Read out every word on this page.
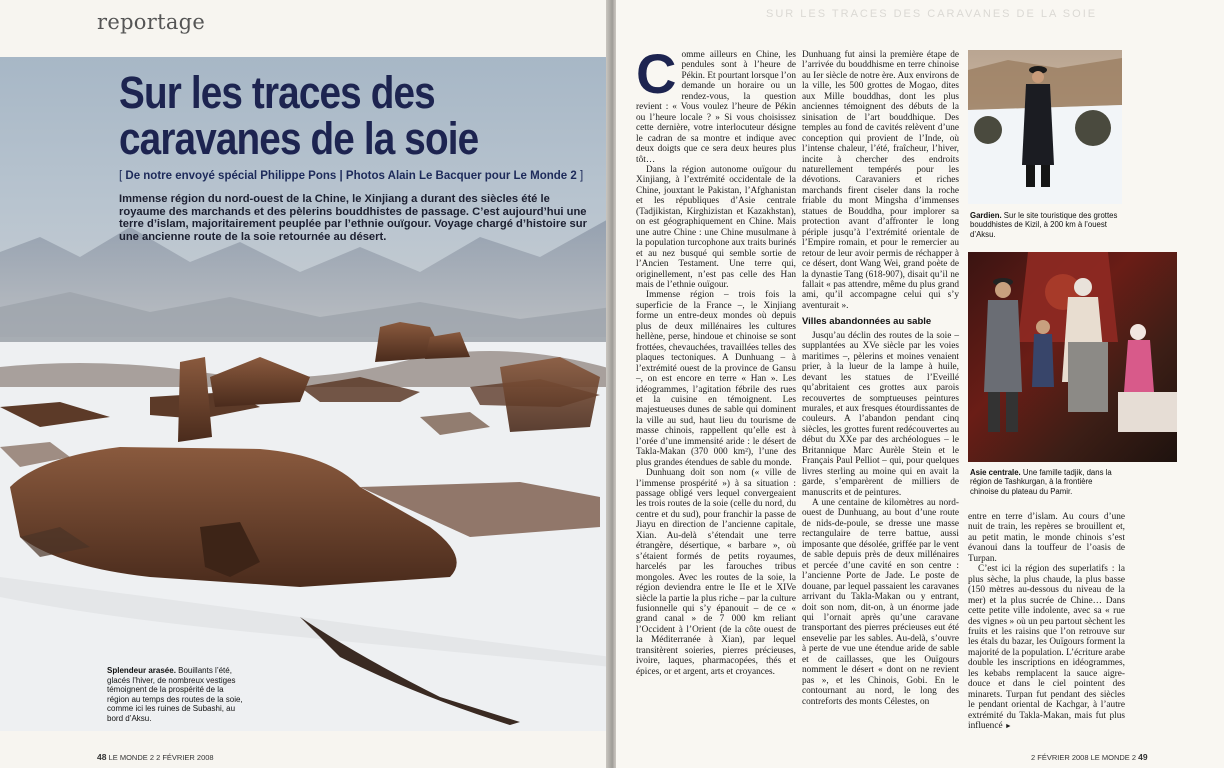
reportage
Sur les traces des
caravanes de la soie
[ De notre envoyé spécial Philippe Pons | Photos Alain Le Bacquer pour Le Monde 2 ]

Immense région du nord-ouest de la Chine, le Xinjiang a durant des siècles été le royaume des marchands et des pèlerins bouddhistes de passage. C’est aujourd’hui une terre d’islam, majoritairement peuplée par l’ethnie ouïgour. Voyage chargé d’histoire sur une ancienne route de la soie retournée au désert.

Splendeur arasée. Bouillants l’été, glacés l’hiver, de nombreux vestiges témoignent de la prospérité de la région au temps des routes de la soie, comme ici les ruines de Subashi, au bord d’Aksu.

48 LE MONDE 2 2 FÉVRIER 2008
SUR LES TRACES DES CARAVANES DE LA SOIE

Comme ailleurs en Chine, les pendules sont à l’heure de Pékin. Et pourtant lorsque l’on demande un horaire ou un rendez-vous, la question revient : « Vous voulez l’heure de Pékin ou l’heure locale ? » Si vous choisissez cette dernière, votre interlocuteur désigne le cadran de sa montre et indique avec deux doigts que ce sera deux heures plus tôt…

Dans la région autonome ouïgour du Xinjiang, à l’extrémité occidentale de la Chine, jouxtant le Pakistan, l’Afghanistan et les républiques d’Asie centrale (Tadjikistan, Kirghizistan et Kazakhstan), on est géographiquement en Chine. Mais une autre Chine : une Chine musulmane à la population turcophone aux traits burinés et au nez busqué qui semble sortie de l’Ancien Testament. Une terre qui, originellement, n’est pas celle des Han mais de l’ethnie ouïgour.

Immense région – trois fois la superficie de la France –, le Xinjiang forme un entre-deux mondes où depuis plus de deux millénaires les cultures hellène, perse, hindoue et chinoise se sont frottées, chevauchées, travaillées telles des plaques tectoniques. A Dunhuang – à l’extrémité ouest de la province de Gansu –, on est encore en terre « Han ». Les idéogrammes, l’agitation fébrile des rues et la cuisine en témoignent. Les majestueuses dunes de sable qui dominent la ville au sud, haut lieu du tourisme de masse chinois, rappellent qu’elle est à l’orée d’une immensité aride : le désert de Takla-Makan (370 000 km²), l’une des plus grandes étendues de sable du monde.

Dunhuang doit son nom (« ville de l’immense prospérité ») à sa situation : passage obligé vers lequel convergeaient les trois routes de la soie (celle du nord, du centre et du sud), pour franchir la passe de Jiayu en direction de l’ancienne capitale, Xian. Au-delà s’étendait une terre étrangère, désertique, « barbare », où s’étaient formés de petits royaumes, harcelés par les farouches tribus mongoles. Avec les routes de la soie, la région deviendra entre le IIe et le XIVe siècle la partie la plus riche – par la culture fusionnelle qui s’y épanouit – de ce « grand canal » de 7 000 km reliant l’Occident à l’Orient (de la côte ouest de la Méditerranée à Xian), par lequel transitèrent soieries, pierres précieuses, ivoire, laques, pharmacopées, thés et épices, or et argent, arts et croyances.

Dunhuang fut ainsi la première étape de l’arrivée du bouddhisme en terre chinoise au Ier siècle de notre ère. Aux environs de la ville, les 500 grottes de Mogao, dites aux Mille bouddhas, dont les plus anciennes témoignent des débuts de la sinisation de l’art bouddhique. Des temples au fond de cavités relèvent d’une conception qui provient de l’Inde, où l’intense chaleur, l’été, fraîcheur, l’hiver, incite à chercher des endroits naturellement tempérés pour les dévotions. Caravaniers et riches marchands firent ciseler dans la roche friable du mont Mingsha d’immenses statues de Bouddha, pour implorer sa protection avant d’affronter le long périple jusqu’à l’extrémité orientale de l’Empire romain, et pour le remercier au retour de leur avoir permis de réchapper à ce désert, dont Wang Wei, grand poète de la dynastie Tang (618-907), disait qu’il ne fallait « pas attendre, même du plus grand ami, qu’il accompagne celui qui s’y aventurait ».

Villes abandonnées au sable

Jusqu’au déclin des routes de la soie – supplantées au XVe siècle par les voies maritimes –, pèlerins et moines venaient prier, à la lueur de la lampe à huile, devant les statues de l’Eveillé qu’abritaient ces grottes aux parois recouvertes de somptueuses peintures murales, et aux fresques étourdissantes de couleurs. A l’abandon pendant cinq siècles, les grottes furent redécouvertes au début du XXe par des archéologues – le Britannique Marc Aurèle Stein et le Français Paul Pelliot – qui, pour quelques livres sterling au moine qui en avait la garde, s’emparèrent de milliers de manuscrits et de peintures.

A une centaine de kilomètres au nord-ouest de Dunhuang, au bout d’une route de nids-de-poule, se dresse une masse rectangulaire de terre battue, aussi imposante que désolée, griffée par le vent de sable depuis près de deux millénaires et percée d’une cavité en son centre : l’ancienne Porte de Jade. Le poste de douane, par lequel passaient les caravanes arrivant du Takla-Makan ou y entrant, doit son nom, dit-on, à un énorme jade qui l’ornait après qu’une caravane transportant des pierres précieuses eut été ensevelie par les sables. Au-delà, s’ouvre à perte de vue une étendue aride de sable et de caillasses, que les Ouïgours nomment le désert « dont on ne revient pas », et les Chinois, Gobi. En le contournant au nord, le long des contreforts des monts Célestes, on

Gardien. Sur le site touristique des grottes bouddhistes de Kizil, à 200 km à l’ouest d’Aksu.

Asie centrale. Une famille tadjik, dans la région de Tashkurgan, à la frontière chinoise du plateau du Pamir.

entre en terre d’islam. Au cours d’une nuit de train, les repères se brouillent et, au petit matin, le monde chinois s’est évanoui dans la touffeur de l’oasis de Turpan.

C’est ici la région des superlatifs : la plus sèche, la plus chaude, la plus basse (150 mètres au-dessous du niveau de la mer) et la plus sucrée de Chine… Dans cette petite ville indolente, avec sa « rue des vignes » où un peu partout sèchent les fruits et les raisins que l’on retrouve sur les étals du bazar, les Ouïgours forment la majorité de la population. L’écriture arabe double les inscriptions en idéogrammes, les kebabs remplacent la sauce aigre-douce et dans le ciel pointent des minarets. Turpan fut pendant des siècles le pendant oriental de Kachgar, à l’autre extrémité du Takla-Makan, mais fut plus influencé ►

2 FÉVRIER 2008 LE MONDE 2 49
